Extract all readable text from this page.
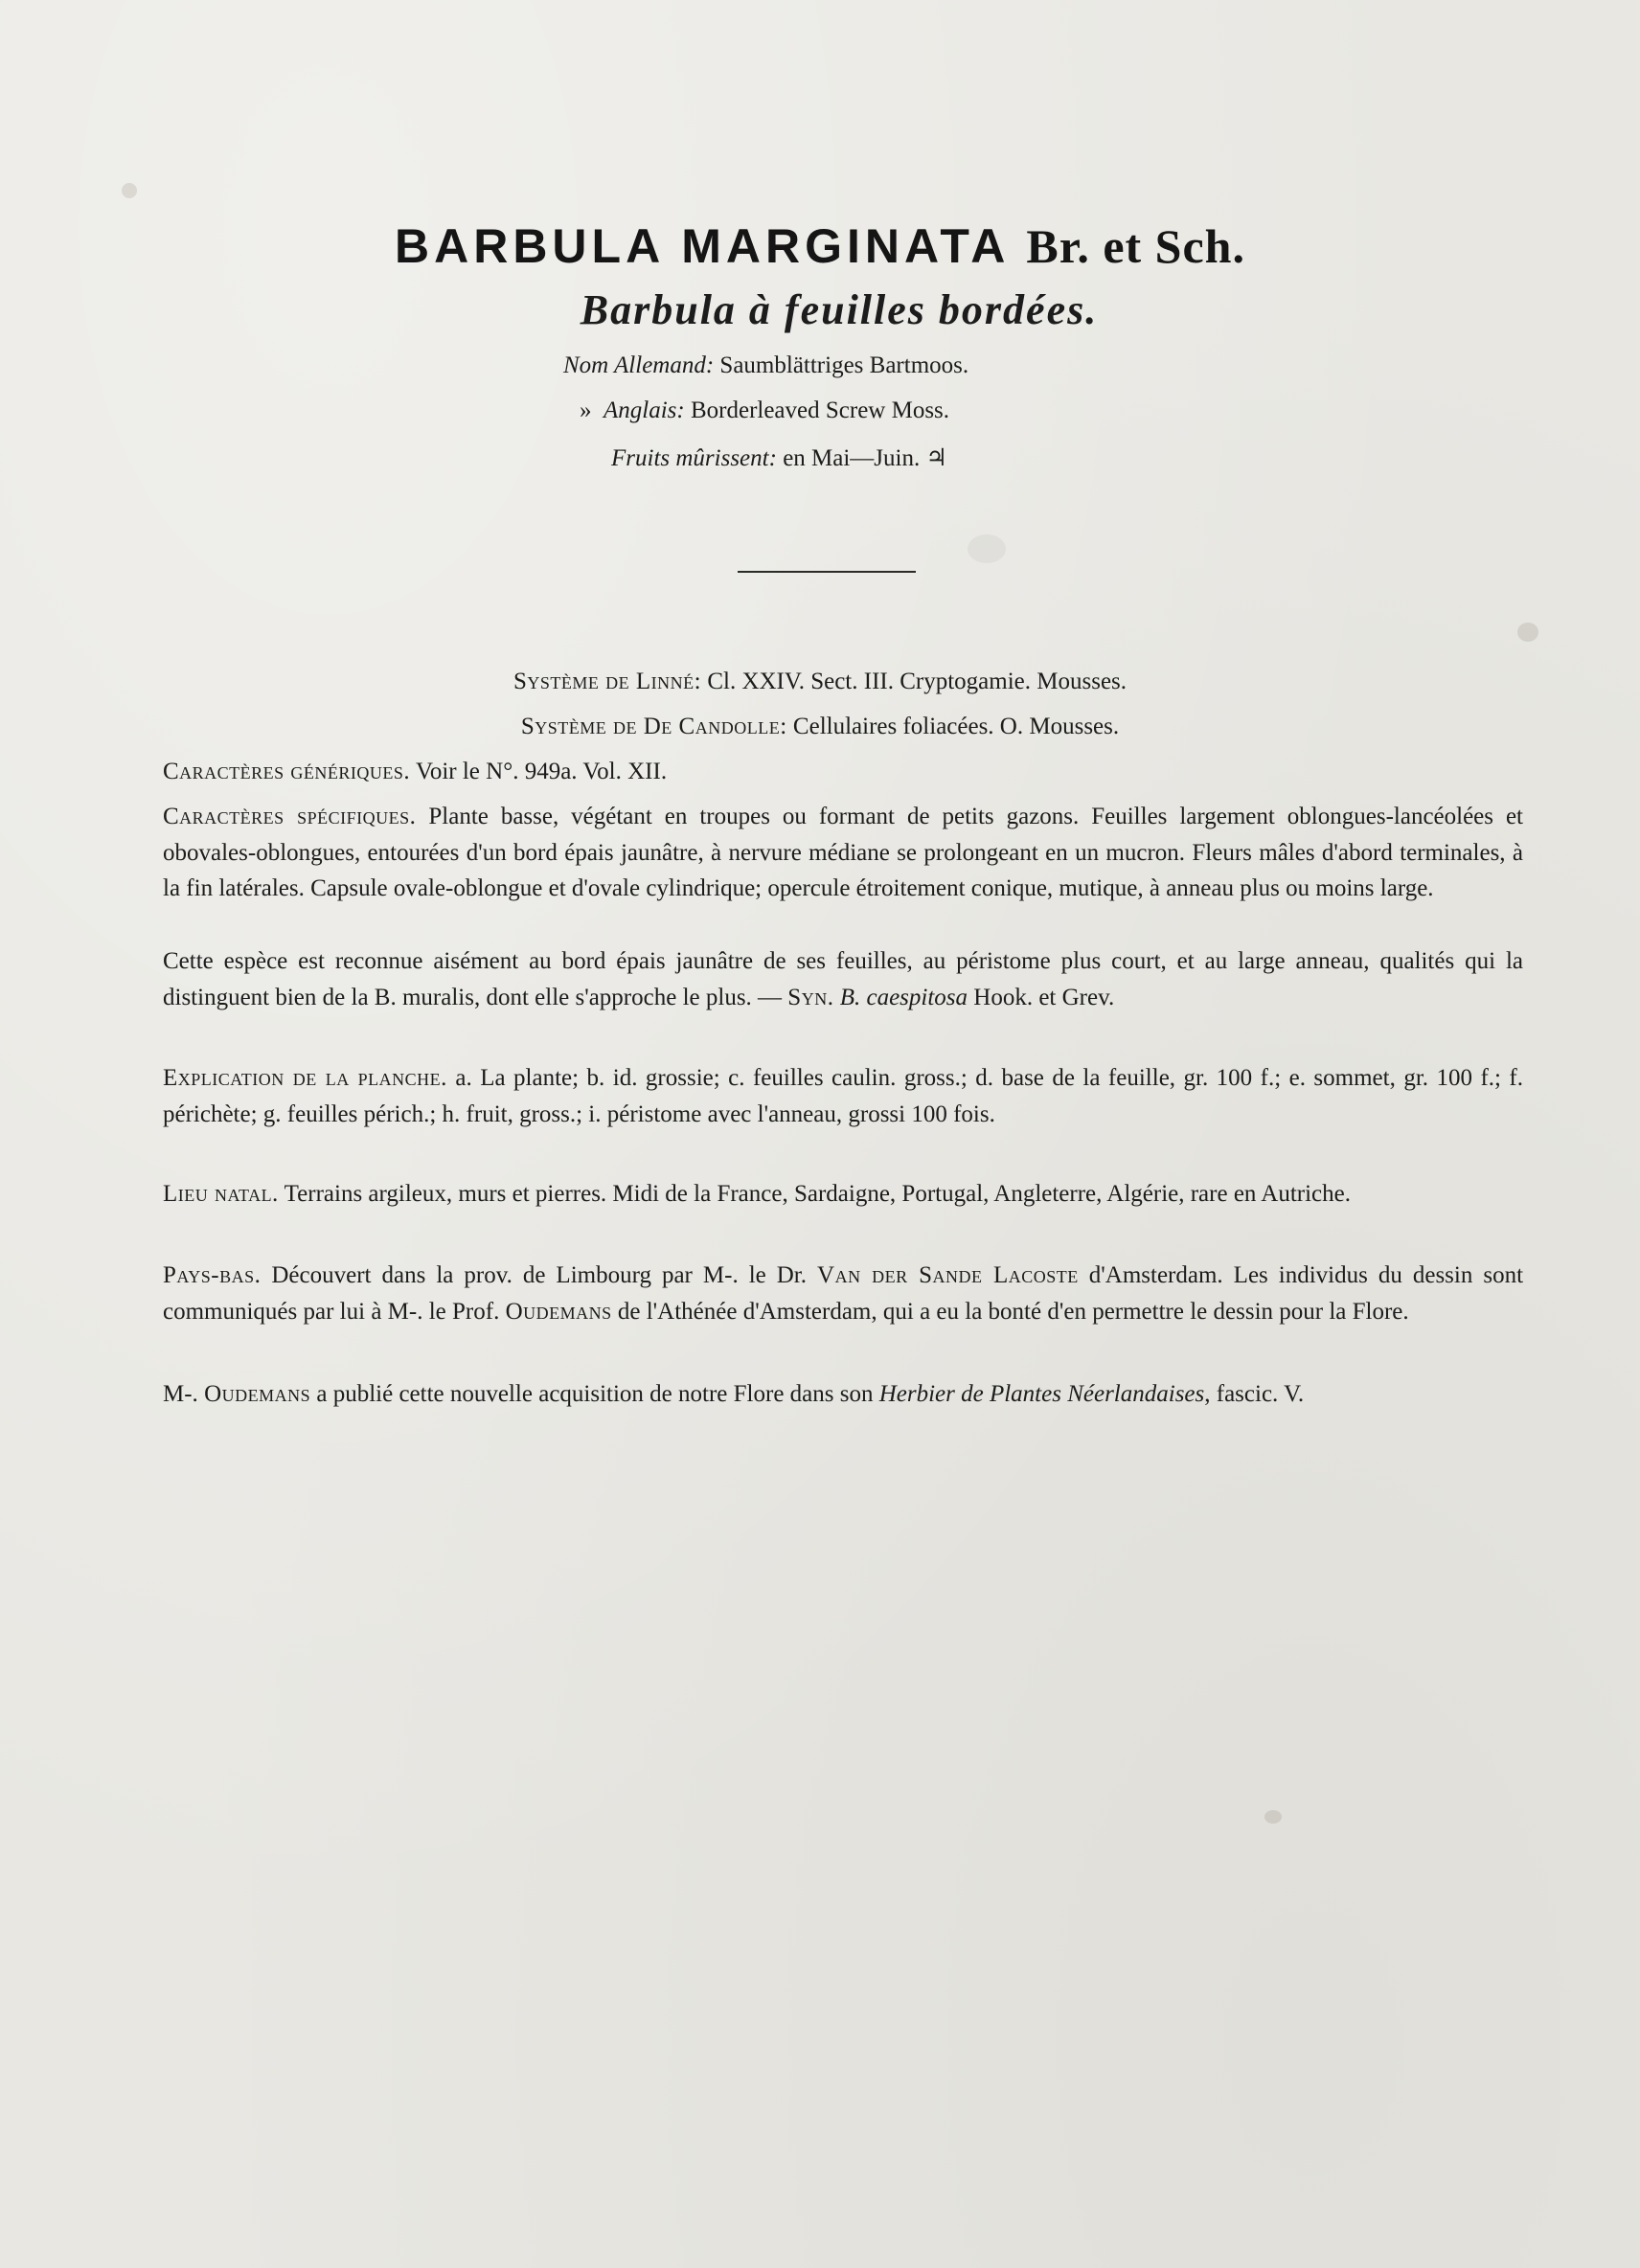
BARBULA MARGINATA Br. et Sch.
Barbula à feuilles bordées.
Nom Allemand: Saumblättriges Bartmoos.
» Anglais: Borderleaved Screw Moss.
Fruits mûrissent: en Mai—Juin. ♃
Système de Linné: Cl. XXIV. Sect. III. Cryptogamie. Mousses.
Système de De Candolle: Cellulaires foliacées. O. Mousses.

Caractères génériques. Voir le N°. 949a. Vol. XII.

Caractères spécifiques. Plante basse, végétant en troupes ou formant de petits gazons. Feuilles largement oblongues-lancéolées et obovales-oblongues, entourées d'un bord épais jaunâtre, à nervure médiane se prolongeant en un mucron. Fleurs mâles d'abord terminales, à la fin latérales. Capsule ovale-oblongue et d'ovale cylindrique; opercule étroitement conique, mutique, à anneau plus ou moins large.

Cette espèce est reconnue aisément au bord épais jaunâtre de ses feuilles, au péristome plus court, et au large anneau, qualités qui la distinguent bien de la B. muralis, dont elle s'approche le plus. — Syn. B. caespitosa Hook. et Grev.

Explication de la planche. a. La plante; b. id. grossie; c. feuilles caulin. gross.; d. base de la feuille, gr. 100 f.; e. sommet, gr. 100 f.; f. périchète; g. feuilles périch.; h. fruit, gross.; i. péristome avec l'anneau, grossi 100 fois.

Lieu natal. Terrains argileux, murs et pierres. Midi de la France, Sardaigne, Portugal, Angleterre, Algérie, rare en Autriche.

Pays-bas. Découvert dans la prov. de Limbourg par M-. le Dr. Van der Sande Lacoste d'Amsterdam. Les individus du dessin sont communiqués par lui à M-. le Prof. Oudemans de l'Athénée d'Amsterdam, qui a eu la bonté d'en permettre le dessin pour la Flore.

M-. Oudemans a publié cette nouvelle acquisition de notre Flore dans son Herbier de Plantes Néerlandaises, fascic. V.
